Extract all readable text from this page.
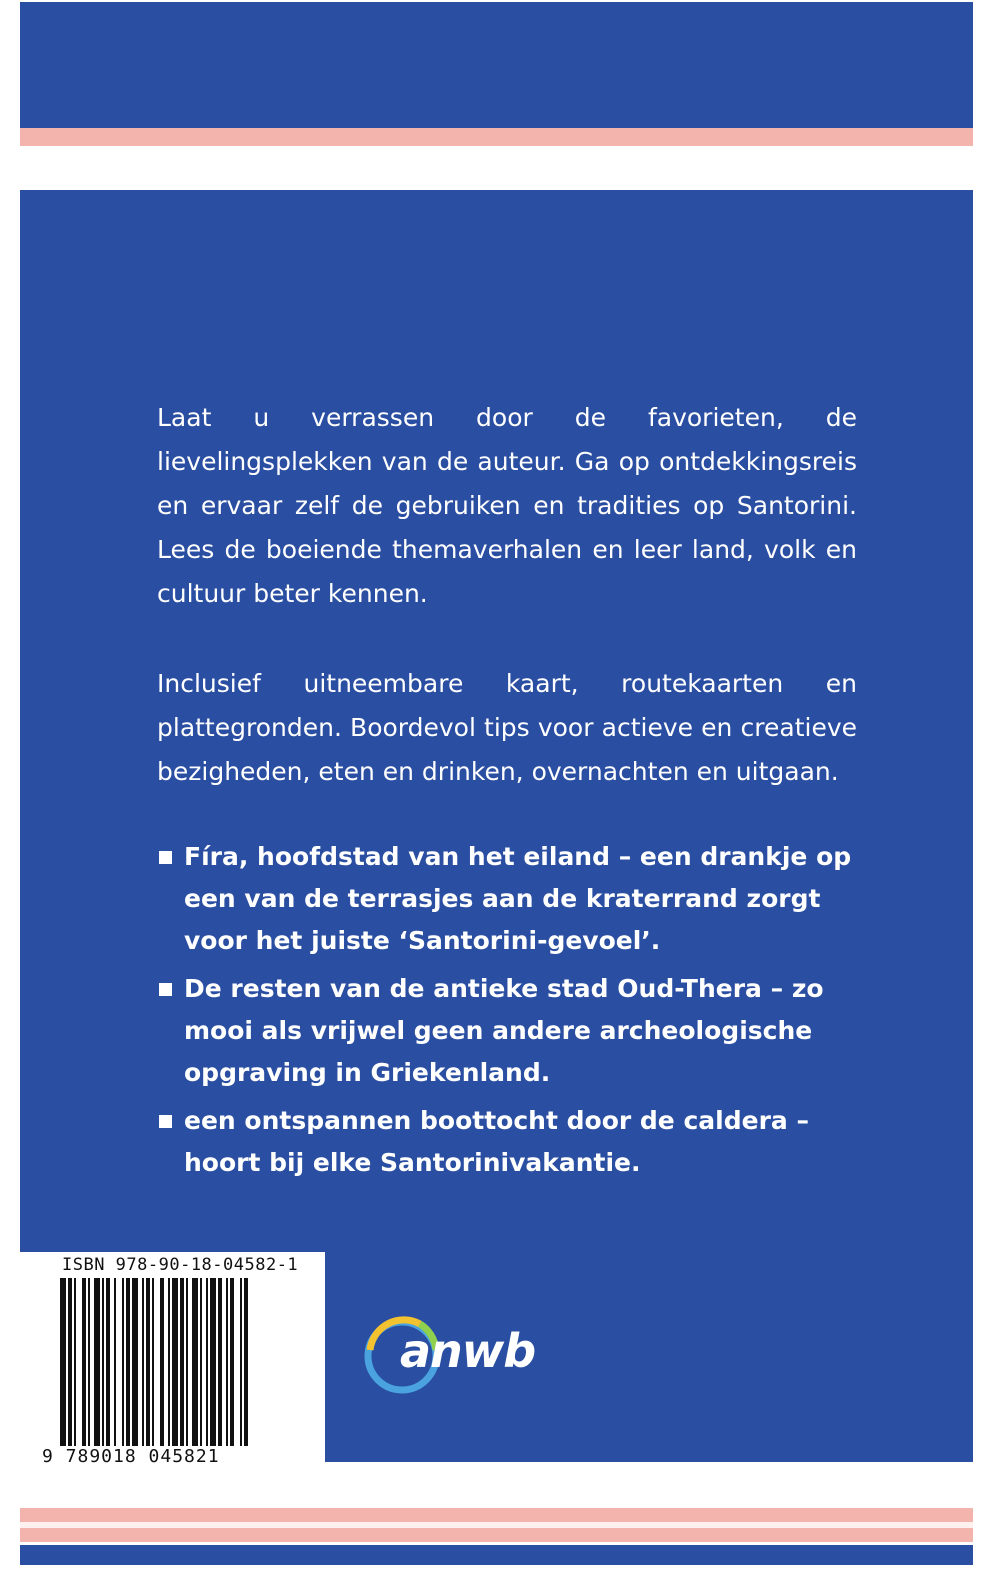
Laat u verrassen door de favorieten, de lievelingsplekken van de auteur. Ga op ontdekkingsreis en ervaar zelf de gebruiken en tradities op Santorini. Lees de boeiende themaverhalen en leer land, volk en cultuur beter kennen.

Inclusief uitneembare kaart, routekaarten en plattegronden. Boordevol tips voor actieve en creatieve bezigheden, eten en drinken, overnachten en uitgaan.

Fíra, hoofdstad van het eiland – een drankje op een van de terrasjes aan de kraterrand zorgt voor het juiste ‘Santorini-gevoel’.
De resten van de antieke stad Oud-Thera – zo mooi als vrijwel geen andere archeologische opgraving in Griekenland.
een ontspannen boottocht door de caldera – hoort bij elke Santorinivakantie.
ISBN 978-90-18-04582-1
9 789018 045821
anwb
